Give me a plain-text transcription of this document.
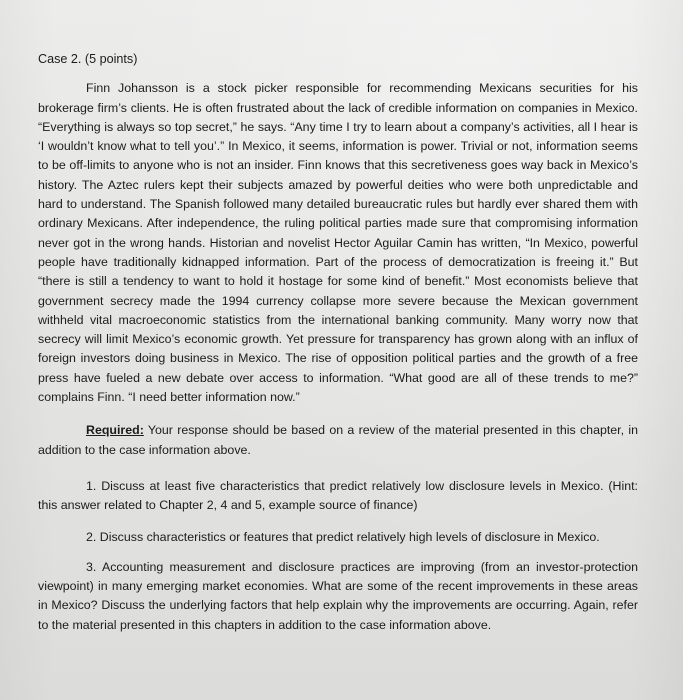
Case 2. (5 points)

Finn Johansson is a stock picker responsible for recommending Mexicans securities for his brokerage firm’s clients. He is often frustrated about the lack of credible information on companies in Mexico. “Everything is always so top secret,” he says. “Any time I try to learn about a company’s activities, all I hear is ‘I wouldn’t know what to tell you’.” In Mexico, it seems, information is power. Trivial or not, information seems to be off-limits to anyone who is not an insider. Finn knows that this secretiveness goes way back in Mexico’s history. The Aztec rulers kept their subjects amazed by powerful deities who were both unpredictable and hard to understand. The Spanish followed many detailed bureaucratic rules but hardly ever shared them with ordinary Mexicans. After independence, the ruling political parties made sure that compromising information never got in the wrong hands. Historian and novelist Hector Aguilar Camin has written, “In Mexico, powerful people have traditionally kidnapped information. Part of the process of democratization is freeing it.” But “there is still a tendency to want to hold it hostage for some kind of benefit.” Most economists believe that government secrecy made the 1994 currency collapse more severe because the Mexican government withheld vital macroeconomic statistics from the international banking community. Many worry now that secrecy will limit Mexico’s economic growth. Yet pressure for transparency has grown along with an influx of foreign investors doing business in Mexico. The rise of opposition political parties and the growth of a free press have fueled a new debate over access to information. “What good are all of these trends to me?” complains Finn. “I need better information now.”

Required: Your response should be based on a review of the material presented in this chapter, in addition to the case information above.

1. Discuss at least five characteristics that predict relatively low disclosure levels in Mexico. (Hint: this answer related to Chapter 2, 4 and 5, example source of finance)

2. Discuss characteristics or features that predict relatively high levels of disclosure in Mexico.

3. Accounting measurement and disclosure practices are improving (from an investor-protection viewpoint) in many emerging market economies. What are some of the recent improvements in these areas in Mexico? Discuss the underlying factors that help explain why the improvements are occurring. Again, refer to the material presented in this chapters in addition to the case information above.
